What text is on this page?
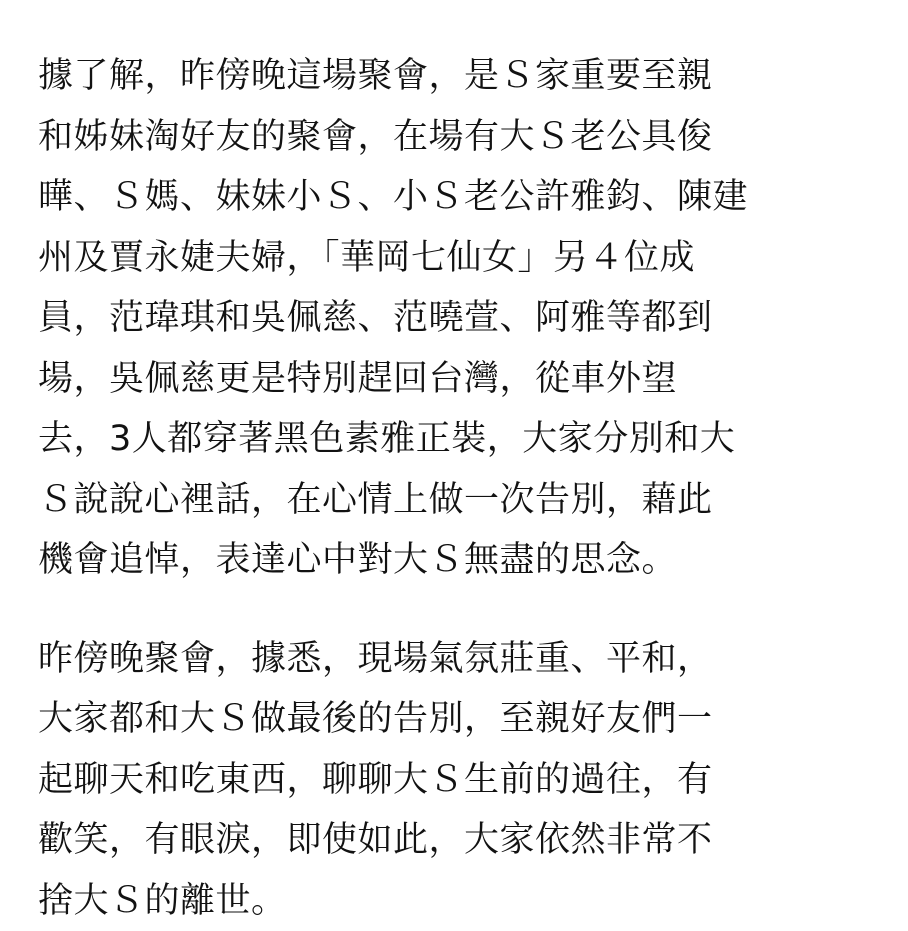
據了解，昨傍晚這場聚會，是Ｓ家重要至親
和姊妹淘好友的聚會，在場有大Ｓ老公具俊
曄、Ｓ媽、妹妹小Ｓ、小Ｓ老公許雅鈞、陳建
州及賈永婕夫婦，「華岡七仙女」另４位成
員，范瑋琪和吳佩慈、范曉萱、阿雅等都到
場，吳佩慈更是特別趕回台灣，從車外望
去，3人都穿著黑色素雅正裝，大家分別和大
Ｓ說說心裡話，在心情上做一次告別，藉此
機會追悼，表達心中對大Ｓ無盡的思念。
昨傍晚聚會，據悉，現場氣氛莊重、平和，
大家都和大Ｓ做最後的告別，至親好友們一
起聊天和吃東西，聊聊大Ｓ生前的過往，有
歡笑，有眼淚，即使如此，大家依然非常不
捨大Ｓ的離世。
